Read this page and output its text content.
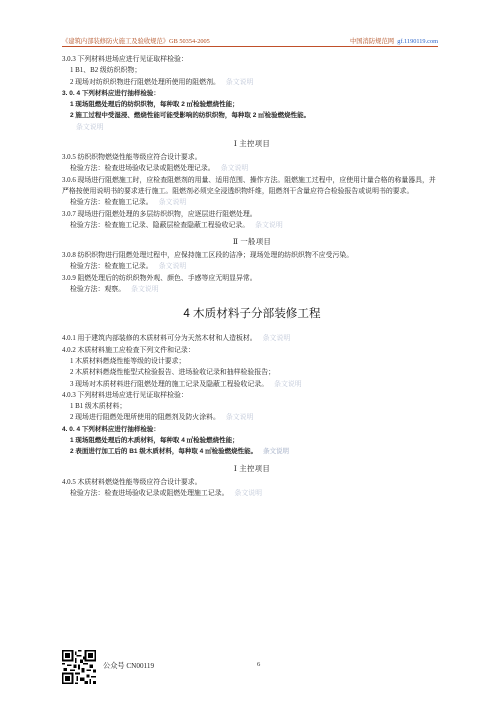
《建筑内部装修防火施工及验收规范》GB 50354-2005	中国消防规范网 gf.1190119.com
3.0.3 下列材料进场应进行见证取样检验：
1 B1、B2 级纺织织物；
2 现场对纺织织物进行阻燃处理所使用的阻燃剂。 条文说明
3. 0. 4 下列材料应进行抽样检验：
1 现场阻燃处理后的纺织织物，每种取 2 ㎡检验燃烧性能；
2 施工过程中受湿浸、燃烧性能可能受影响的纺织织物，每种取 2 ㎡检验燃烧性能。
条文说明
Ⅰ 主控项目
3.0.5 纺织织物燃烧性能等级应符合设计要求。
检验方法：检查进场验收记录或阻燃处理记录。 条文说明
3.0.6 现场进行阻燃施工时，应检查阻燃剂的用量、适用范围、操作方法。阻燃施工过程中，应使用计量合格的称量器具，并严格按使用说明书的要求进行施工。阻燃剂必须完全浸透织物纤维，阻燃剂干含量应符合检验报告或说明书的要求。
检验方法：检查施工记录。 条文说明
3.0.7 现场进行阻燃处理的多层纺织织物，应逐层进行阻燃处理。
检验方法：检查施工记录、隐蔽层检查隐蔽工程验收记录。 条文说明
Ⅱ 一般项目
3.0.8 纺织织物进行阻燃处理过程中，应保持施工区段的洁净；现场处理的纺织织物不应受污染。
检验方法：检查施工记录。 条文说明
3.0.9 阻燃处理后的纺织织物外观、颜色、手感等应无明显异常。
检验方法：观察。 条文说明
4 木质材料子分部装修工程
4.0.1 用于建筑内部装修的木质材料可分为天然木材和人造板材。 条文说明
4.0.2 木质材料施工应检查下列文件和记录：
1 木质材料燃烧性能等级的设计要求；
2 木质材料燃烧性能型式检验报告、进场验收记录和抽样检验报告；
3 现场对木质材料进行阻燃处理的施工记录及隐蔽工程验收记录。 条文说明
4.0.3 下列材料进场应进行见证取样检验：
1 B1 级木质材料；
2 现场进行阻燃处理所使用的阻燃剂及防火涂料。 条文说明
4. 0. 4 下列材料应进行抽样检验：
1 现场阻燃处理后的木质材料，每种取 4 ㎡检验燃烧性能；
2 表面进行加工后的 B1 级木质材料，每种取 4 ㎡检验燃烧性能。 条文说明
Ⅰ 主控项目
4.0.5 木质材料燃烧性能等级应符合设计要求。
检验方法：检查进场验收记录或阻燃处理施工记录。 条文说明
公众号 CN00119	6
